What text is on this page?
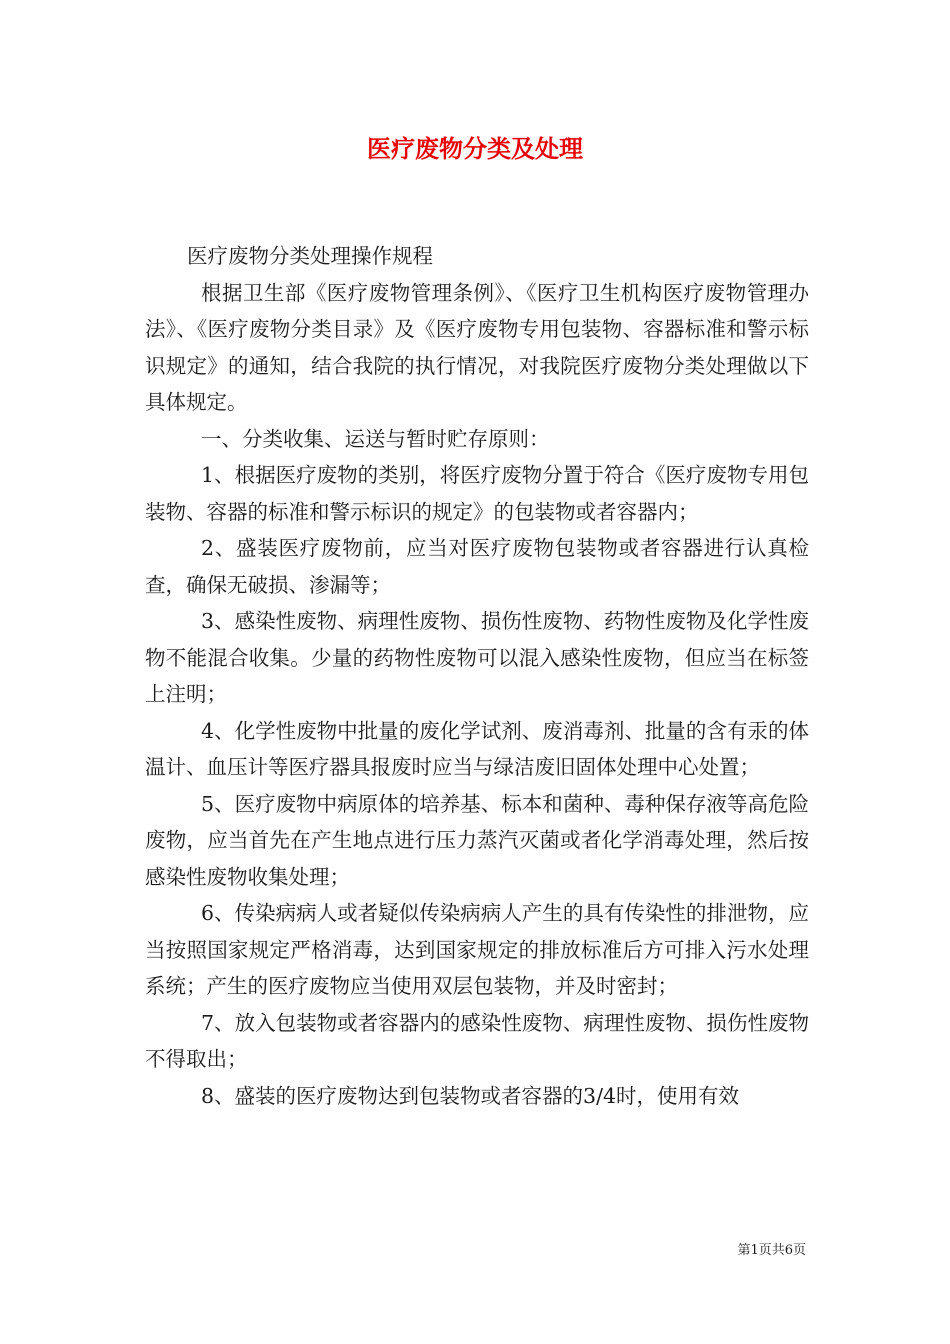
医疗废物分类及处理

医疗废物分类处理操作规程

根据卫生部《医疗废物管理条例》、《医疗卫生机构医疗废物管理办法》、《医疗废物分类目录》及《医疗废物专用包装物、容器标准和警示标识规定》的通知，结合我院的执行情况，对我院医疗废物分类处理做以下具体规定。

一、分类收集、运送与暂时贮存原则：

1、根据医疗废物的类别，将医疗废物分置于符合《医疗废物专用包装物、容器的标准和警示标识的规定》的包装物或者容器内；

2、盛装医疗废物前，应当对医疗废物包装物或者容器进行认真检查，确保无破损、渗漏等；

3、感染性废物、病理性废物、损伤性废物、药物性废物及化学性废物不能混合收集。少量的药物性废物可以混入感染性废物，但应当在标签上注明；

4、化学性废物中批量的废化学试剂、废消毒剂、批量的含有汞的体温计、血压计等医疗器具报废时应当与绿洁废旧固体处理中心处置；

5、医疗废物中病原体的培养基、标本和菌种、毒种保存液等高危险废物，应当首先在产生地点进行压力蒸汽灭菌或者化学消毒处理，然后按感染性废物收集处理；

6、传染病病人或者疑似传染病病人产生的具有传染性的排泄物，应当按照国家规定严格消毒，达到国家规定的排放标准后方可排入污水处理系统；产生的医疗废物应当使用双层包装物，并及时密封；

7、放入包装物或者容器内的感染性废物、病理性废物、损伤性废物不得取出；

8、盛装的医疗废物达到包装物或者容器的3/4时，使用有效

第1页共6页
